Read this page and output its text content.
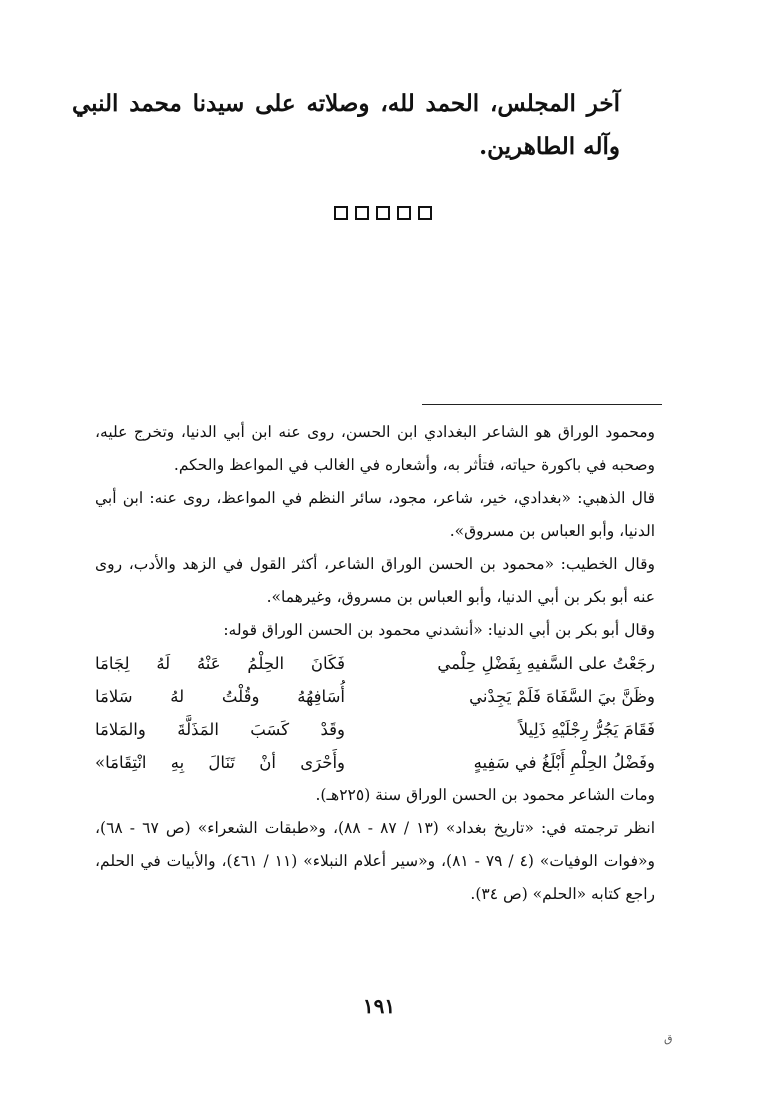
آخر المجلس، الحمد لله، وصلاته على سيدنا محمد النبي وآله الطاهرين.

ومحمود الوراق هو الشاعر البغدادي ابن الحسن، روى عنه ابن أبي الدنيا، وتخرج عليه، وصحبه في باكورة حياته، فتأثر به، وأشعاره في الغالب في المواعظ والحكم.

قال الذهبي: «بغدادي، خير، شاعر، مجود، سائر النظم في المواعظ، روى عنه: ابن أبي الدنيا، وأبو العباس بن مسروق».

وقال الخطيب: «محمود بن الحسن الوراق الشاعر، أكثر القول في الزهد والأدب، روى عنه أبو بكر بن أبي الدنيا، وأبو العباس بن مسروق، وغيرهما».

وقال أبو بكر بن أبي الدنيا: «أنشدني محمود بن الحسن الوراق قوله:

رجَعْتُ على السَّفيهِ بِفَضْلِ حِلْمي
فَكَانَ الحِلْمُ عَنْهُ لَهُ لِجَامَا
وظَنَّ بيَ السَّفَاهَ فَلَمْ يَجِدْني
أُسَافِهُهُ وقُلْتُ لهُ سَلامَا
فَقَامَ يَجُرُّ رِجْلَيْهِ ذَلِيلاً
وقَدْ كَسَبَ المَذَلَّةَ والمَلامَا
وفَضْلُ الحِلْمِ أَبْلَغُ في سَفِيهٍ
وأَحْرَى أنْ تَنَالَ بِهِ انْتِقَامَا»

ومات الشاعر محمود بن الحسن الوراق سنة (٢٢٥هـ).

انظر ترجمته في: «تاريخ بغداد» (١٣ / ٨٧ - ٨٨)، و«طبقات الشعراء» (ص ٦٧ - ٦٨)، و«فوات الوفيات» (٤ / ٧٩ - ٨١)، و«سير أعلام النبلاء» (١١ / ٤٦١)، والأبيات في الحلم، راجع كتابه «الحلم» (ص ٣٤).

١٩١
ق
